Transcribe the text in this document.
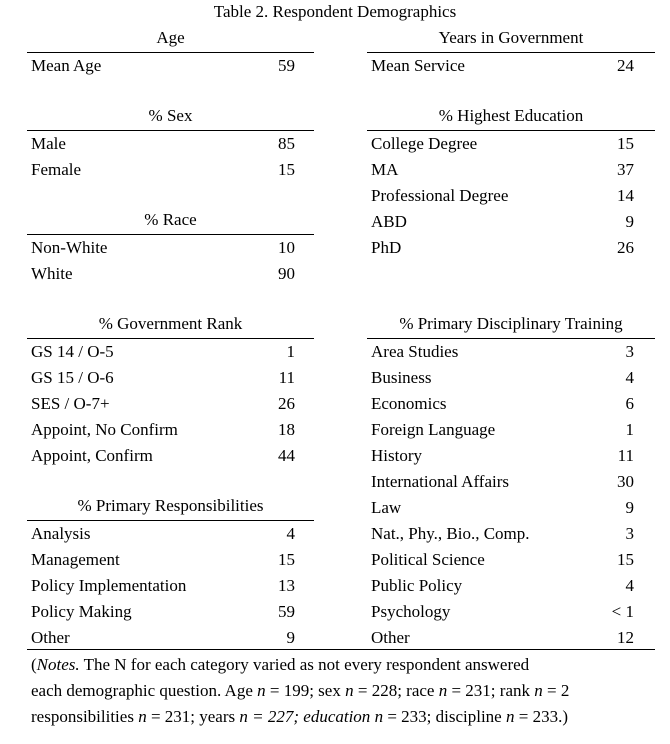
Table 2. Respondent Demographics
Age
Mean Age	59
% Sex
Male	85
Female	15
% Race
Non-White	10
White	90
% Government Rank
GS 14 / O-5	1
GS 15 / O-6	11
SES / O-7+	26
Appoint, No Confirm	18
Appoint, Confirm	44
% Primary Responsibilities
Analysis	4
Management	15
Policy Implementation	13
Policy Making	59
Other	9
Years in Government
Mean Service	24
% Highest Education
College Degree	15
MA	37
Professional Degree	14
ABD	9
PhD	26
% Primary Disciplinary Training
Area Studies	3
Business	4
Economics	6
Foreign Language	1
History	11
International Affairs	30
Law	9
Nat., Phy., Bio., Comp.	3
Political Science	15
Public Policy	4
Psychology	< 1
Other	12
(Notes. The N for each category varied as not every respondent answered
each demographic question. Age n = 199; sex n = 228; race n = 231; rank n = 2
responsibilities n = 231; years n = 227; education n = 233; discipline n = 233.)
